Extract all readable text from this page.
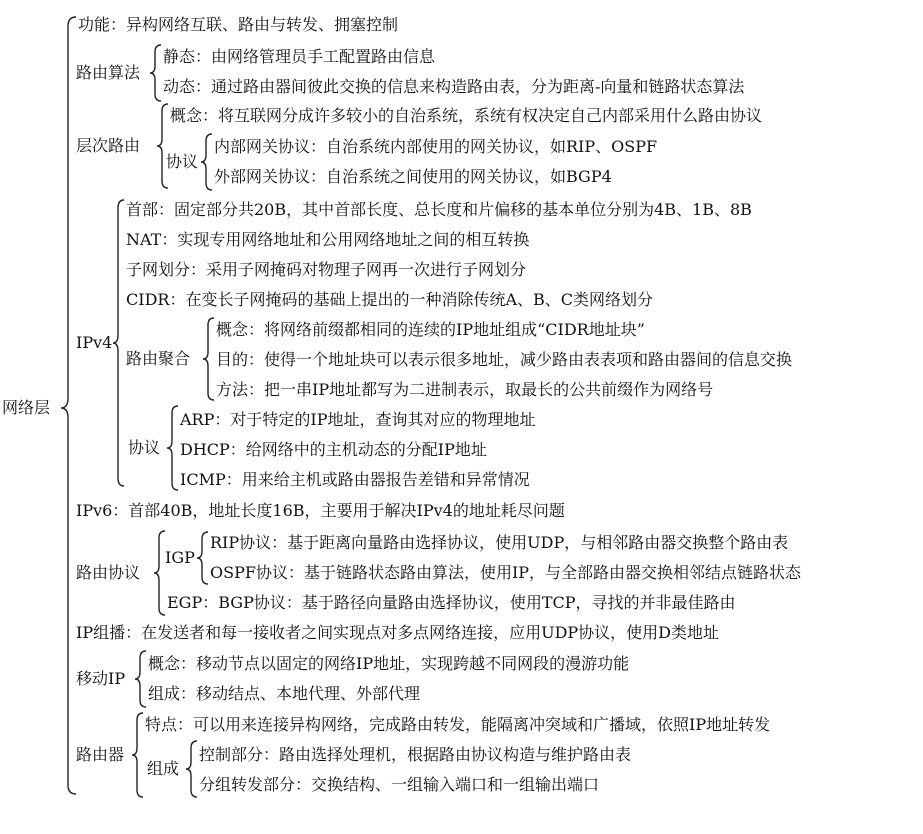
网络层
功能：异构网络互联、路由与转发、拥塞控制
路由算法
静态：由网络管理员手工配置路由信息
动态：通过路由器间彼此交换的信息来构造路由表，分为距离-向量和链路状态算法
层次路由
概念：将互联网分成许多较小的自治系统，系统有权决定自己内部采用什么路由协议
协议
内部网关协议：自治系统内部使用的网关协议，如RIP、OSPF
外部网关协议：自治系统之间使用的网关协议，如BGP4
IPv4
首部：固定部分共20B，其中首部长度、总长度和片偏移的基本单位分别为4B、1B、8B
NAT：实现专用网络地址和公用网络地址之间的相互转换
子网划分：采用子网掩码对物理子网再一次进行子网划分
CIDR：在变长子网掩码的基础上提出的一种消除传统A、B、C类网络划分
路由聚合
概念：将网络前缀都相同的连续的IP地址组成“CIDR地址块”
目的：使得一个地址块可以表示很多地址，减少路由表表项和路由器间的信息交换
方法：把一串IP地址都写为二进制表示，取最长的公共前缀作为网络号
协议
ARP：对于特定的IP地址，查询其对应的物理地址
DHCP：给网络中的主机动态的分配IP地址
ICMP：用来给主机或路由器报告差错和异常情况
IPv6：首部40B，地址长度16B，主要用于解决IPv4的地址耗尽问题
路由协议
IGP
RIP协议：基于距离向量路由选择协议，使用UDP，与相邻路由器交换整个路由表
OSPF协议：基于链路状态路由算法，使用IP，与全部路由器交换相邻结点链路状态
EGP：BGP协议：基于路径向量路由选择协议，使用TCP，寻找的并非最佳路由
IP组播：在发送者和每一接收者之间实现点对多点网络连接，应用UDP协议，使用D类地址
移动IP
概念：移动节点以固定的网络IP地址，实现跨越不同网段的漫游功能
组成：移动结点、本地代理、外部代理
路由器
特点：可以用来连接异构网络，完成路由转发，能隔离冲突域和广播域，依照IP地址转发
组成
控制部分：路由选择处理机，根据路由协议构造与维护路由表
分组转发部分：交换结构、一组输入端口和一组输出端口
